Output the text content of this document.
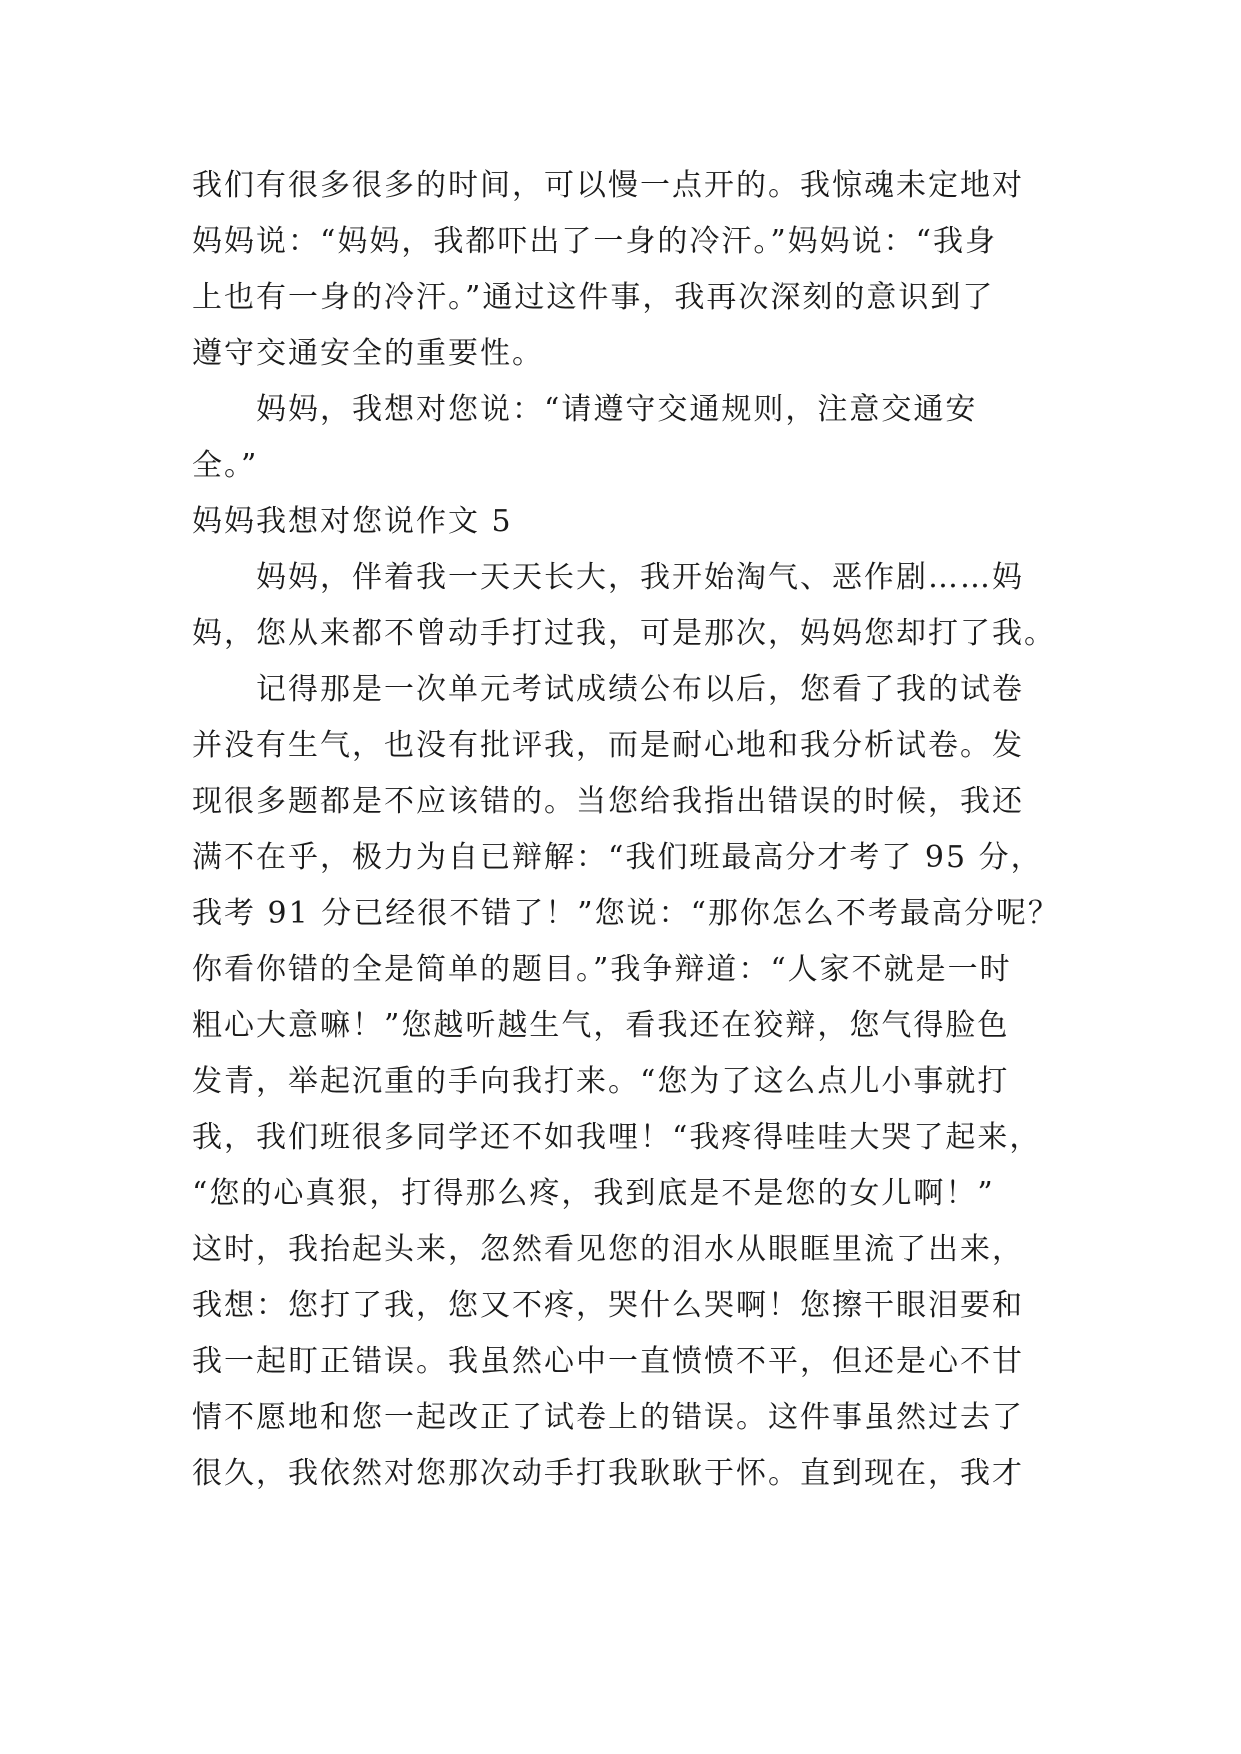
我们有很多很多的时间，可以慢一点开的。我惊魂未定地对
妈妈说：“妈妈，我都吓出了一身的冷汗。”妈妈说：“我身
上也有一身的冷汗。”通过这件事，我再次深刻的意识到了
遵守交通安全的重要性。
妈妈，我想对您说：“请遵守交通规则，注意交通安
全。”
妈妈我想对您说作文 5
妈妈，伴着我一天天长大，我开始淘气、恶作剧……妈
妈，您从来都不曾动手打过我，可是那次，妈妈您却打了我。
记得那是一次单元考试成绩公布以后，您看了我的试卷
并没有生气，也没有批评我，而是耐心地和我分析试卷。发
现很多题都是不应该错的。当您给我指出错误的时候，我还
满不在乎，极力为自已辩解：“我们班最高分才考了 95 分，
我考 91 分已经很不错了！”您说：“那你怎么不考最高分呢？
你看你错的全是简单的题目。”我争辩道：“人家不就是一时
粗心大意嘛！”您越听越生气，看我还在狡辩，您气得脸色
发青，举起沉重的手向我打来。“您为了这么点儿小事就打
我，我们班很多同学还不如我哩！“我疼得哇哇大哭了起来，
“您的心真狠，打得那么疼，我到底是不是您的女儿啊！”
这时，我抬起头来，忽然看见您的泪水从眼眶里流了出来，
我想：您打了我，您又不疼，哭什么哭啊！您擦干眼泪要和
我一起盯正错误。我虽然心中一直愤愤不平，但还是心不甘
情不愿地和您一起改正了试卷上的错误。这件事虽然过去了
很久，我依然对您那次动手打我耿耿于怀。直到现在，我才
